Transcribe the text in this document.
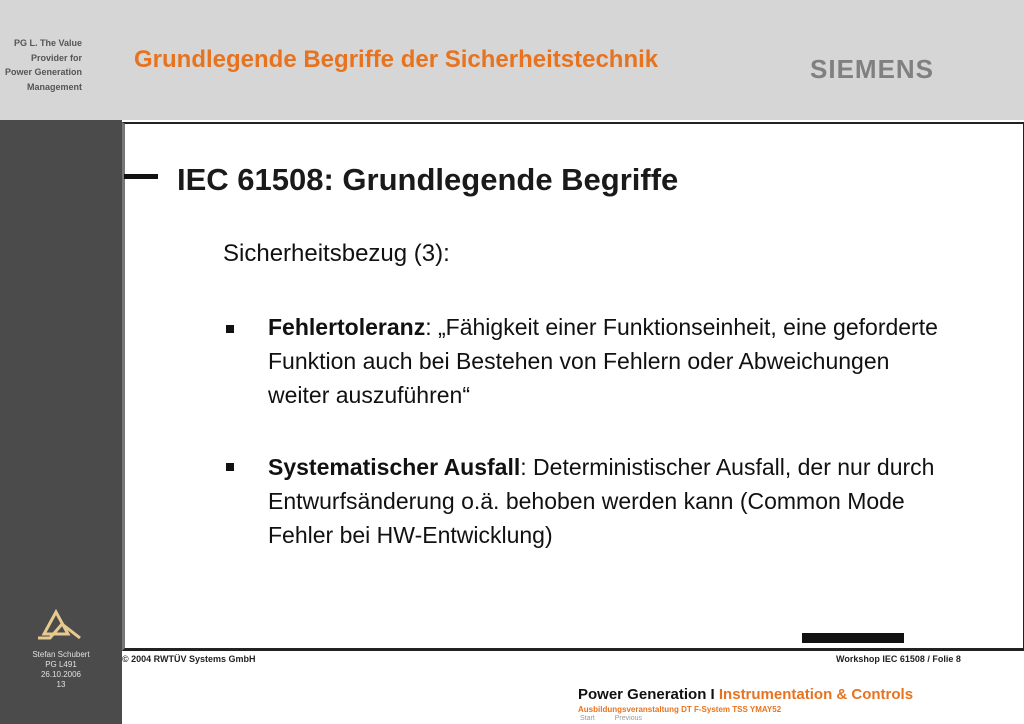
PG L. The Value
Provider for
Power Generation
Management
Grundlegende Begriffe der Sicherheitstechnik	SIEMENS
Stefan Schubert
PG L491
26.10.2006
13
IEC 61508: Grundlegende Begriffe
Sicherheitsbezug (3):
Fehlertoleranz: „Fähigkeit einer Funktionseinheit, eine geforderte Funktion auch bei Bestehen von Fehlern oder Abweichungen weiter auszuführen“
Systematischer Ausfall: Deterministischer Ausfall, der nur durch Entwurfsänderung o.ä. behoben werden kann (Common Mode Fehler bei HW-Entwicklung)
© 2004 RWTÜV Systems GmbH	Workshop IEC 61508 / Folie 8
Power Generation I Instrumentation & Controls
Ausbildungsveranstaltung DT F-System TSS YMAY52
Start	Previous
